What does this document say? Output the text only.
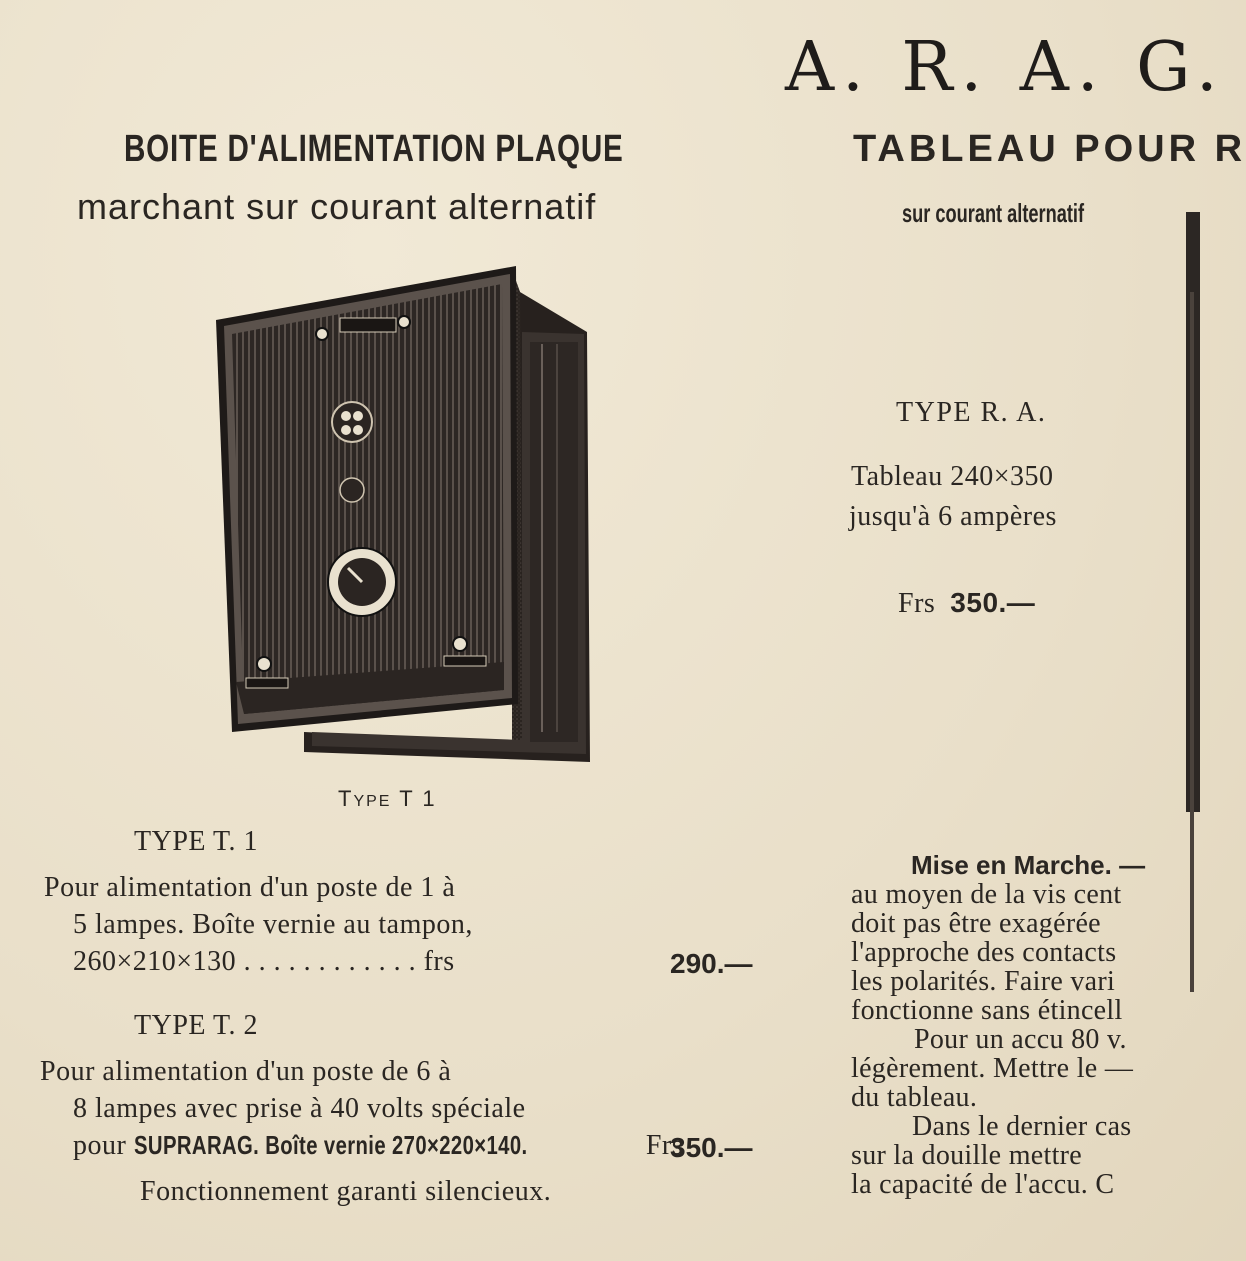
A. R. A. G.
BOITE D'ALIMENTATION PLAQUE
marchant sur courant alternatif
TYPE T 1
TYPE T. 1
Pour alimentation d'un poste de 1 à
5 lampes. Boîte vernie au tampon,
260×210×130 . . . . . . . . . . . . frs	290.—
TYPE T. 2
Pour alimentation d'un poste de 6 à
8 lampes avec prise à 40 volts spéciale
pour SUPRARAG. Boîte vernie 270×220×140.	Frs
350.—
Fonctionnement garanti silencieux.
TABLEAU POUR R
sur courant alternatif
TYPE R. A.
Tableau 240×350
jusqu'à 6 ampères
Frs 350.—
Mise en Marche. —
au moyen de la vis cent
doit pas être exagérée
l'approche des contacts
les polarités. Faire vari
fonctionne sans étincell
Pour un accu 80 v.
légèrement. Mettre le —
du tableau.
Dans le dernier cas
sur la douille mettre
la capacité de l'accu. C
